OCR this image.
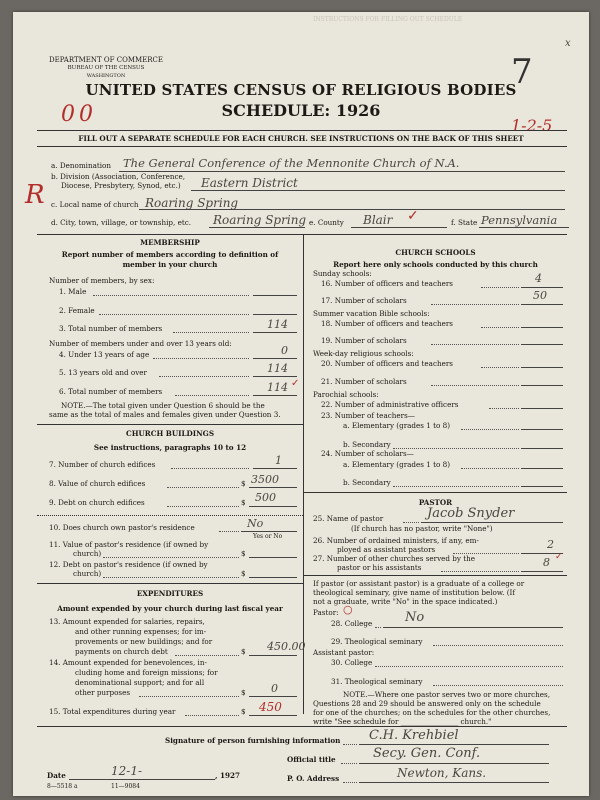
INSTRUCTIONS FOR FILLING OUT SCHEDULE
x
DEPARTMENT OF COMMERCE
BUREAU OF THE CENSUS
WASHINGTON	7
UNITED STATES CENSUS OF RELIGIOUS BODIES
SCHEDULE: 1926
00	1-2-5
FILL OUT A SEPARATE SCHEDULE FOR EACH CHURCH. SEE INSTRUCTIONS ON THE BACK OF THIS SHEET
R
a. Denomination The General Conference of the Mennonite Church of N.A.
b. Division (Association, Conference,
Diocese, Presbytery, Synod, etc.) Eastern District
c. Local name of church Roaring Spring
d. City, town, village, or township, etc. Roaring Spring e. County Blair ✓	f. State Pennsylvania
MEMBERSHIP
Report number of members according to definition of
member in your church
Number of members, by sex:
1. Male
2. Female
3. Total number of members	114
Number of members under and over 13 years old:
4. Under 13 years of age	0
5. 13 years old and over	114
6. Total number of members	114 ✓
NOTE.—The total given under Question 6 should be the
same as the total of males and females given under Question 3.
CHURCH BUILDINGS
See instructions, paragraphs 10 to 12
7. Number of church edifices	1
8. Value of church edifices	$ 3500
9. Debt on church edifices	$ 500
10. Does church own pastor's residence	No
Yes or No
11. Value of pastor's residence (if owned by
church)	$
12. Debt on pastor's residence (if owned by
church)	$
EXPENDITURES
Amount expended by your church during last fiscal year
13. Amount expended for salaries, repairs,
and other running expenses; for im-
provements or new buildings; and for
payments on church debt	$ 450.00
14. Amount expended for benevolences, in-
cluding home and foreign missions; for
denominational support; and for all
other purposes	$ 0
15. Total expenditures during year	$ 450
CHURCH SCHOOLS
Report here only schools conducted by this church
Sunday schools:
16. Number of officers and teachers	4
17. Number of scholars	50
Summer vacation Bible schools:
18. Number of officers and teachers
19. Number of scholars
Week-day religious schools:
20. Number of officers and teachers
21. Number of scholars
Parochial schools:
22. Number of administrative officers
23. Number of teachers—
a. Elementary (grades 1 to 8)
b. Secondary
24. Number of scholars—
a. Elementary (grades 1 to 8)
b. Secondary
PASTOR
25. Name of pastor	Jacob Snyder
(If church has no pastor, write "None")
26. Number of ordained ministers, if any, em-
ployed as assistant pastors	2
27. Number of other churches served by the
pastor or his assistants	8 ✓
If pastor (or assistant pastor) is a graduate of a college or
theological seminary, give name of institution below. (If
not a graduate, write "No" in the space indicated.)
Pastor: ○
28. College	No
29. Theological seminary
Assistant pastor:
30. College
31. Theological seminary
NOTE.—Where one pastor serves two or more churches,
Questions 28 and 29 should be answered only on the schedule
for one of the churches; on the schedules for the other churches,
write "See schedule for ________________ church."
Signature of person furnishing information C.H. Krehbiel
Official title	Secy. Gen. Conf.
Date	12-1-	, 1927	P. O. Address	Newton, Kans.
8—5518 a	11—9084
